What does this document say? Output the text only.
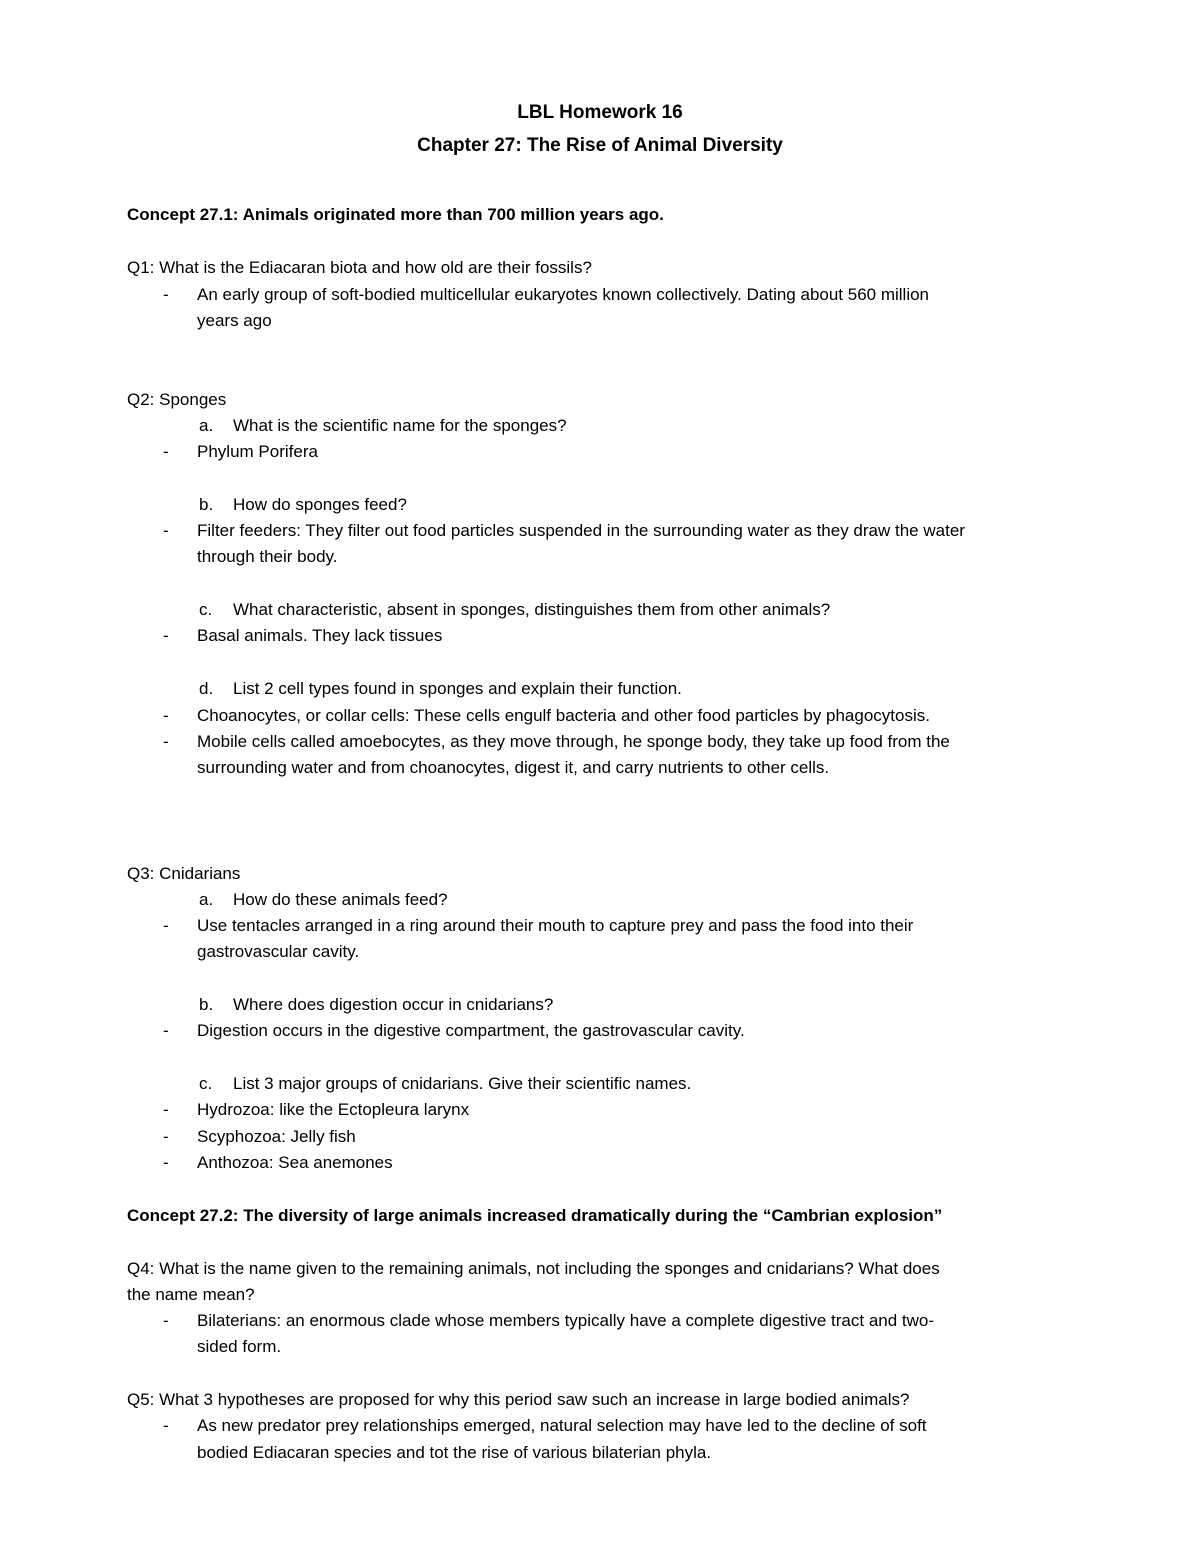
LBL Homework 16
Chapter 27: The Rise of Animal Diversity

Concept 27.1: Animals originated more than 700 million years ago.

Q1: What is the Ediacaran biota and how old are their fossils?

-	An early group of soft-bodied multicellular eukaryotes known collectively. Dating about 560 million

years ago

Q2: Sponges

a. What is the scientific name for the sponges?

-	Phylum Porifera

b. How do sponges feed?

-	Filter feeders: They filter out food particles suspended in the surrounding water as they draw the water

through their body.

c. What characteristic, absent in sponges, distinguishes them from other animals?

-	Basal animals. They lack tissues

d. List 2 cell types found in sponges and explain their function.

-	Choanocytes, or collar cells: These cells engulf bacteria and other food particles by phagocytosis.

-	Mobile cells called amoebocytes, as they move through, he sponge body, they take up food from the

surrounding water and from choanocytes, digest it, and carry nutrients to other cells.

Q3: Cnidarians

a. How do these animals feed?

-	Use tentacles arranged in a ring around their mouth to capture prey and pass the food into their

gastrovascular cavity.

b. Where does digestion occur in cnidarians?

-	Digestion occurs in the digestive compartment, the gastrovascular cavity.

c. List 3 major groups of cnidarians. Give their scientific names.

-	Hydrozoa: like the Ectopleura larynx

-	Scyphozoa: Jelly fish

-	Anthozoa: Sea anemones

Concept 27.2: The diversity of large animals increased dramatically during the “Cambrian explosion”

Q4: What is the name given to the remaining animals, not including the sponges and cnidarians? What does

the name mean?

-	Bilaterians: an enormous clade whose members typically have a complete digestive tract and two-

sided form.

Q5: What 3 hypotheses are proposed for why this period saw such an increase in large bodied animals?

-	As new predator prey relationships emerged, natural selection may have led to the decline of soft

bodied Ediacaran species and tot the rise of various bilaterian phyla.
